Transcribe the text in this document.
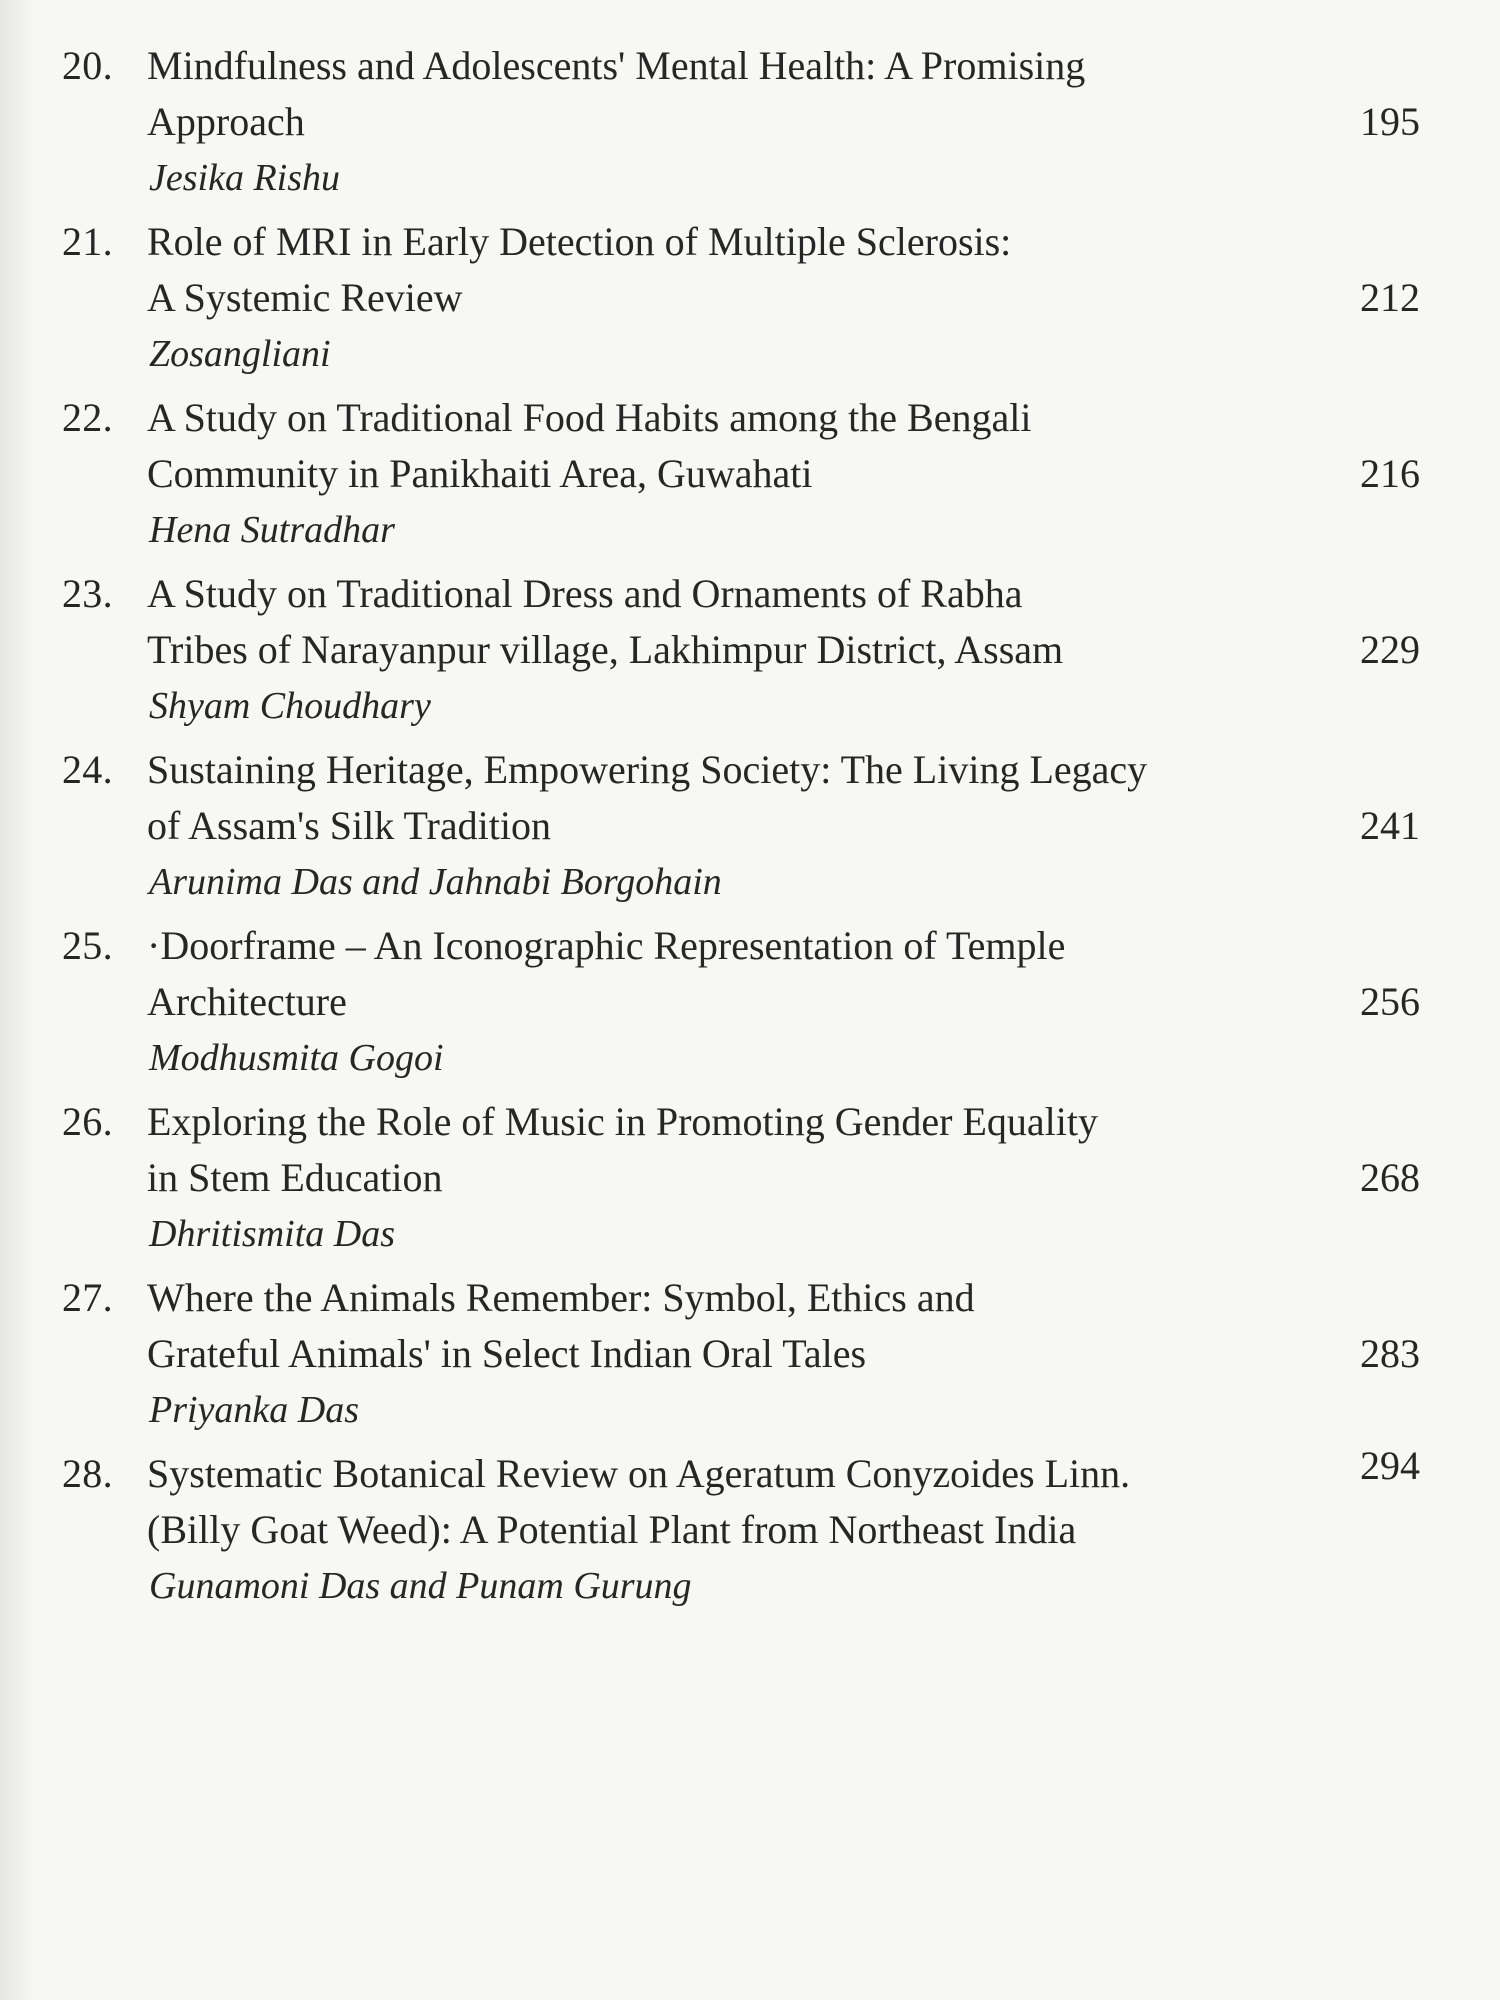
20. Mindfulness and Adolescents' Mental Health: A Promising
Approach
Jesika Rishu
195
21. Role of MRI in Early Detection of Multiple Sclerosis:
A Systemic Review
Zosangliani
212
22. A Study on Traditional Food Habits among the Bengali
Community in Panikhaiti Area, Guwahati
Hena Sutradhar
216
23. A Study on Traditional Dress and Ornaments of Rabha
Tribes of Narayanpur village, Lakhimpur District, Assam
Shyam Choudhary
229
24. Sustaining Heritage, Empowering Society: The Living Legacy
of Assam's Silk Tradition
Arunima Das and Jahnabi Borgohain
241
25. ·Doorframe – An Iconographic Representation of Temple
Architecture
Modhusmita Gogoi
256
26. Exploring the Role of Music in Promoting Gender Equality
in Stem Education
Dhritismita Das
268
27. Where the Animals Remember: Symbol, Ethics and
Grateful Animals' in Select Indian Oral Tales
Priyanka Das
283
28. Systematic Botanical Review on Ageratum Conyzoides Linn.
(Billy Goat Weed): A Potential Plant from Northeast India
Gunamoni Das and Punam Gurung
294
